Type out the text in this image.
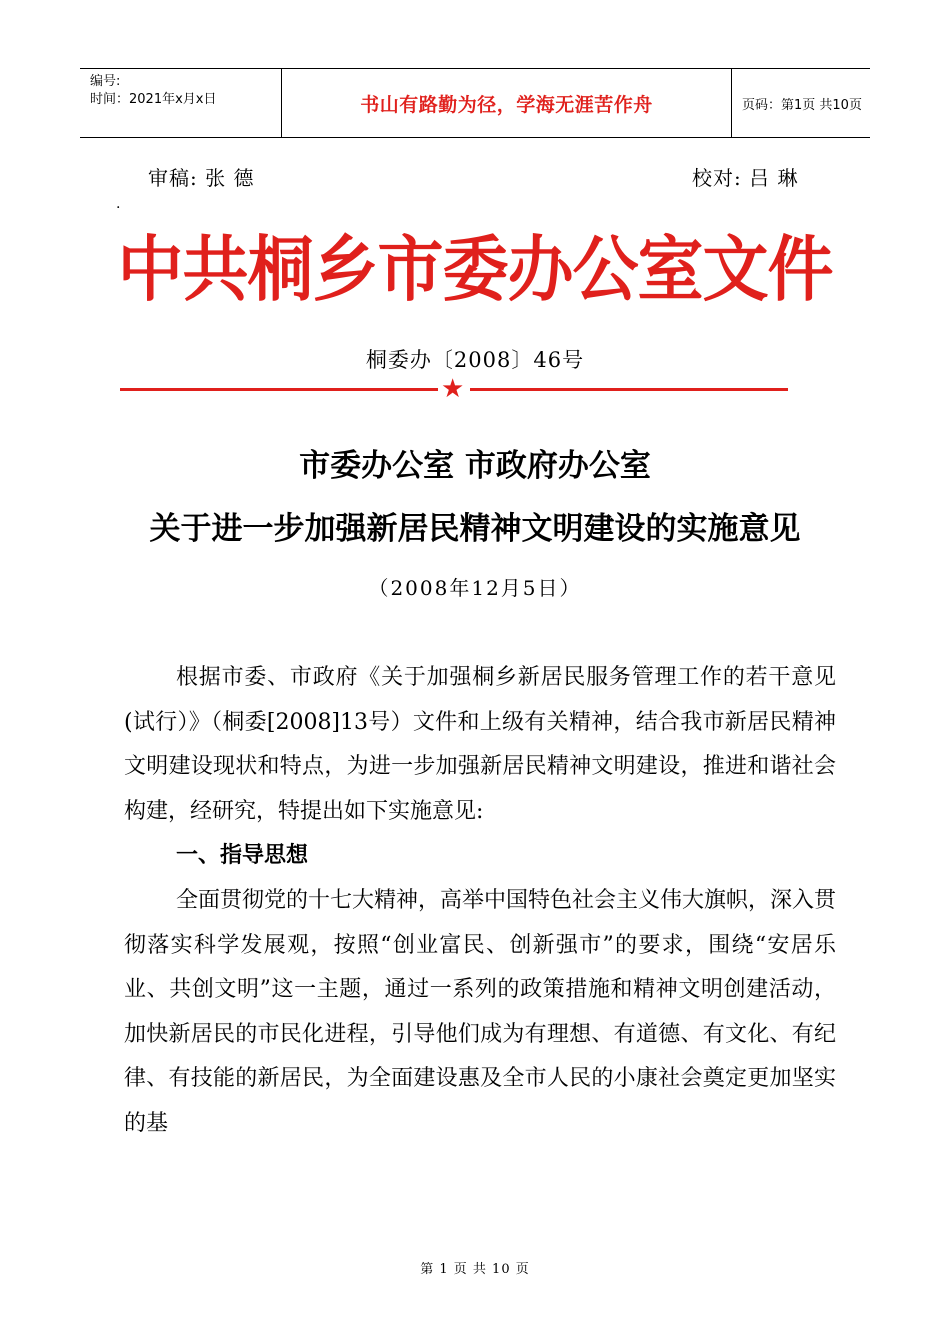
编号:
时间：2021年x月x日	书山有路勤为径，学海无涯苦作舟	页码：第1页 共10页
审稿: 张 德	校对: 吕 琳
.
中共桐乡市委办公室文件
桐委办〔2008〕46号
★
市委办公室 市政府办公室
关于进一步加强新居民精神文明建设的实施意见
（2008年12月5日）

根据市委、市政府《关于加强桐乡新居民服务管理工作的若干意见(试行）》（桐委[2008]13号）文件和上级有关精神，结合我市新居民精神文明建设现状和特点，为进一步加强新居民精神文明建设，推进和谐社会构建，经研究，特提出如下实施意见:

一、指导思想

全面贯彻党的十七大精神，高举中国特色社会主义伟大旗帜，深入贯彻落实科学发展观，按照“创业富民、创新强市”的要求，围绕“安居乐业、共创文明”这一主题，通过一系列的政策措施和精神文明创建活动，加快新居民的市民化进程，引导他们成为有理想、有道德、有文化、有纪律、有技能的新居民，为全面建设惠及全市人民的小康社会奠定更加坚实的基

第 1 页 共 10 页
